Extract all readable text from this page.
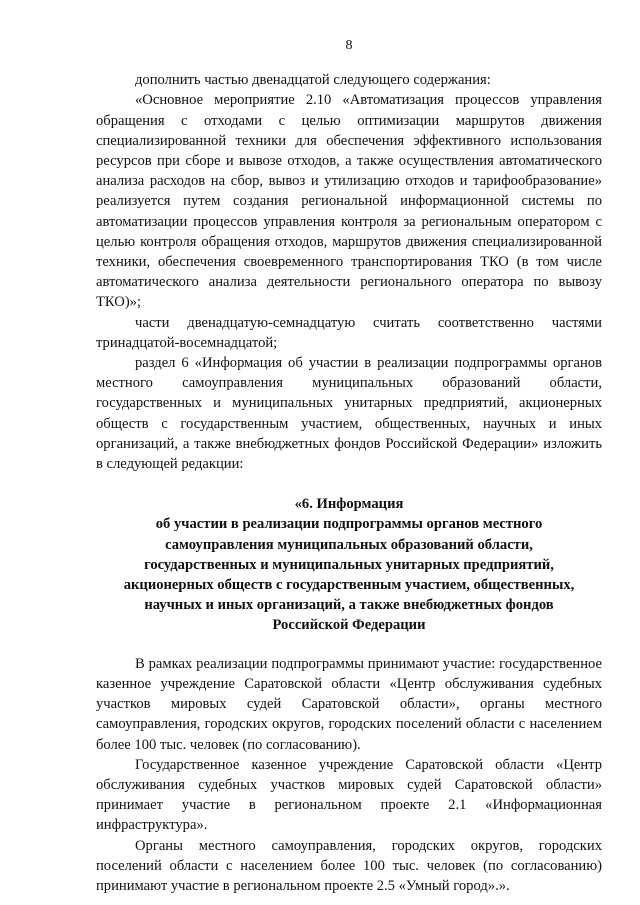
8

дополнить частью двенадцатой следующего содержания:

«Основное мероприятие 2.10 «Автоматизация процессов управления обращения с отходами с целью оптимизации маршрутов движения специализированной техники для обеспечения эффективного использования ресурсов при сборе и вывозе отходов, а также осуществления автоматического анализа расходов на сбор, вывоз и утилизацию отходов и тарифообразование» реализуется путем создания региональной информационной системы по автоматизации процессов управления контроля за региональным оператором с целью контроля обращения отходов, маршрутов движения специализированной техники, обеспечения своевременного транспортирования ТКО (в том числе автоматического анализа деятельности регионального оператора по вывозу ТКО)»;

части двенадцатую-семнадцатую считать соответственно частями тринадцатой-восемнадцатой;

раздел 6 «Информация об участии в реализации подпрограммы органов местного самоуправления муниципальных образований области, государственных и муниципальных унитарных предприятий, акционерных обществ с государственным участием, общественных, научных и иных организаций, а также внебюджетных фондов Российской Федерации» изложить в следующей редакции:

«6. Информация
об участии в реализации подпрограммы органов местного
самоуправления муниципальных образований области,
государственных и муниципальных унитарных предприятий,
акционерных обществ с государственным участием, общественных,
научных и иных организаций, а также внебюджетных фондов
Российской Федерации

В рамках реализации подпрограммы принимают участие: государственное казенное учреждение Саратовской области «Центр обслуживания судебных участков мировых судей Саратовской области», органы местного самоуправления, городских округов, городских поселений области с населением более 100 тыс. человек (по согласованию).

Государственное казенное учреждение Саратовской области «Центр обслуживания судебных участков мировых судей Саратовской области» принимает участие в региональном проекте 2.1 «Информационная инфраструктура».

Органы местного самоуправления, городских округов, городских поселений области с населением более 100 тыс. человек (по согласованию) принимают участие в региональном проекте 2.5 «Умный город».».
